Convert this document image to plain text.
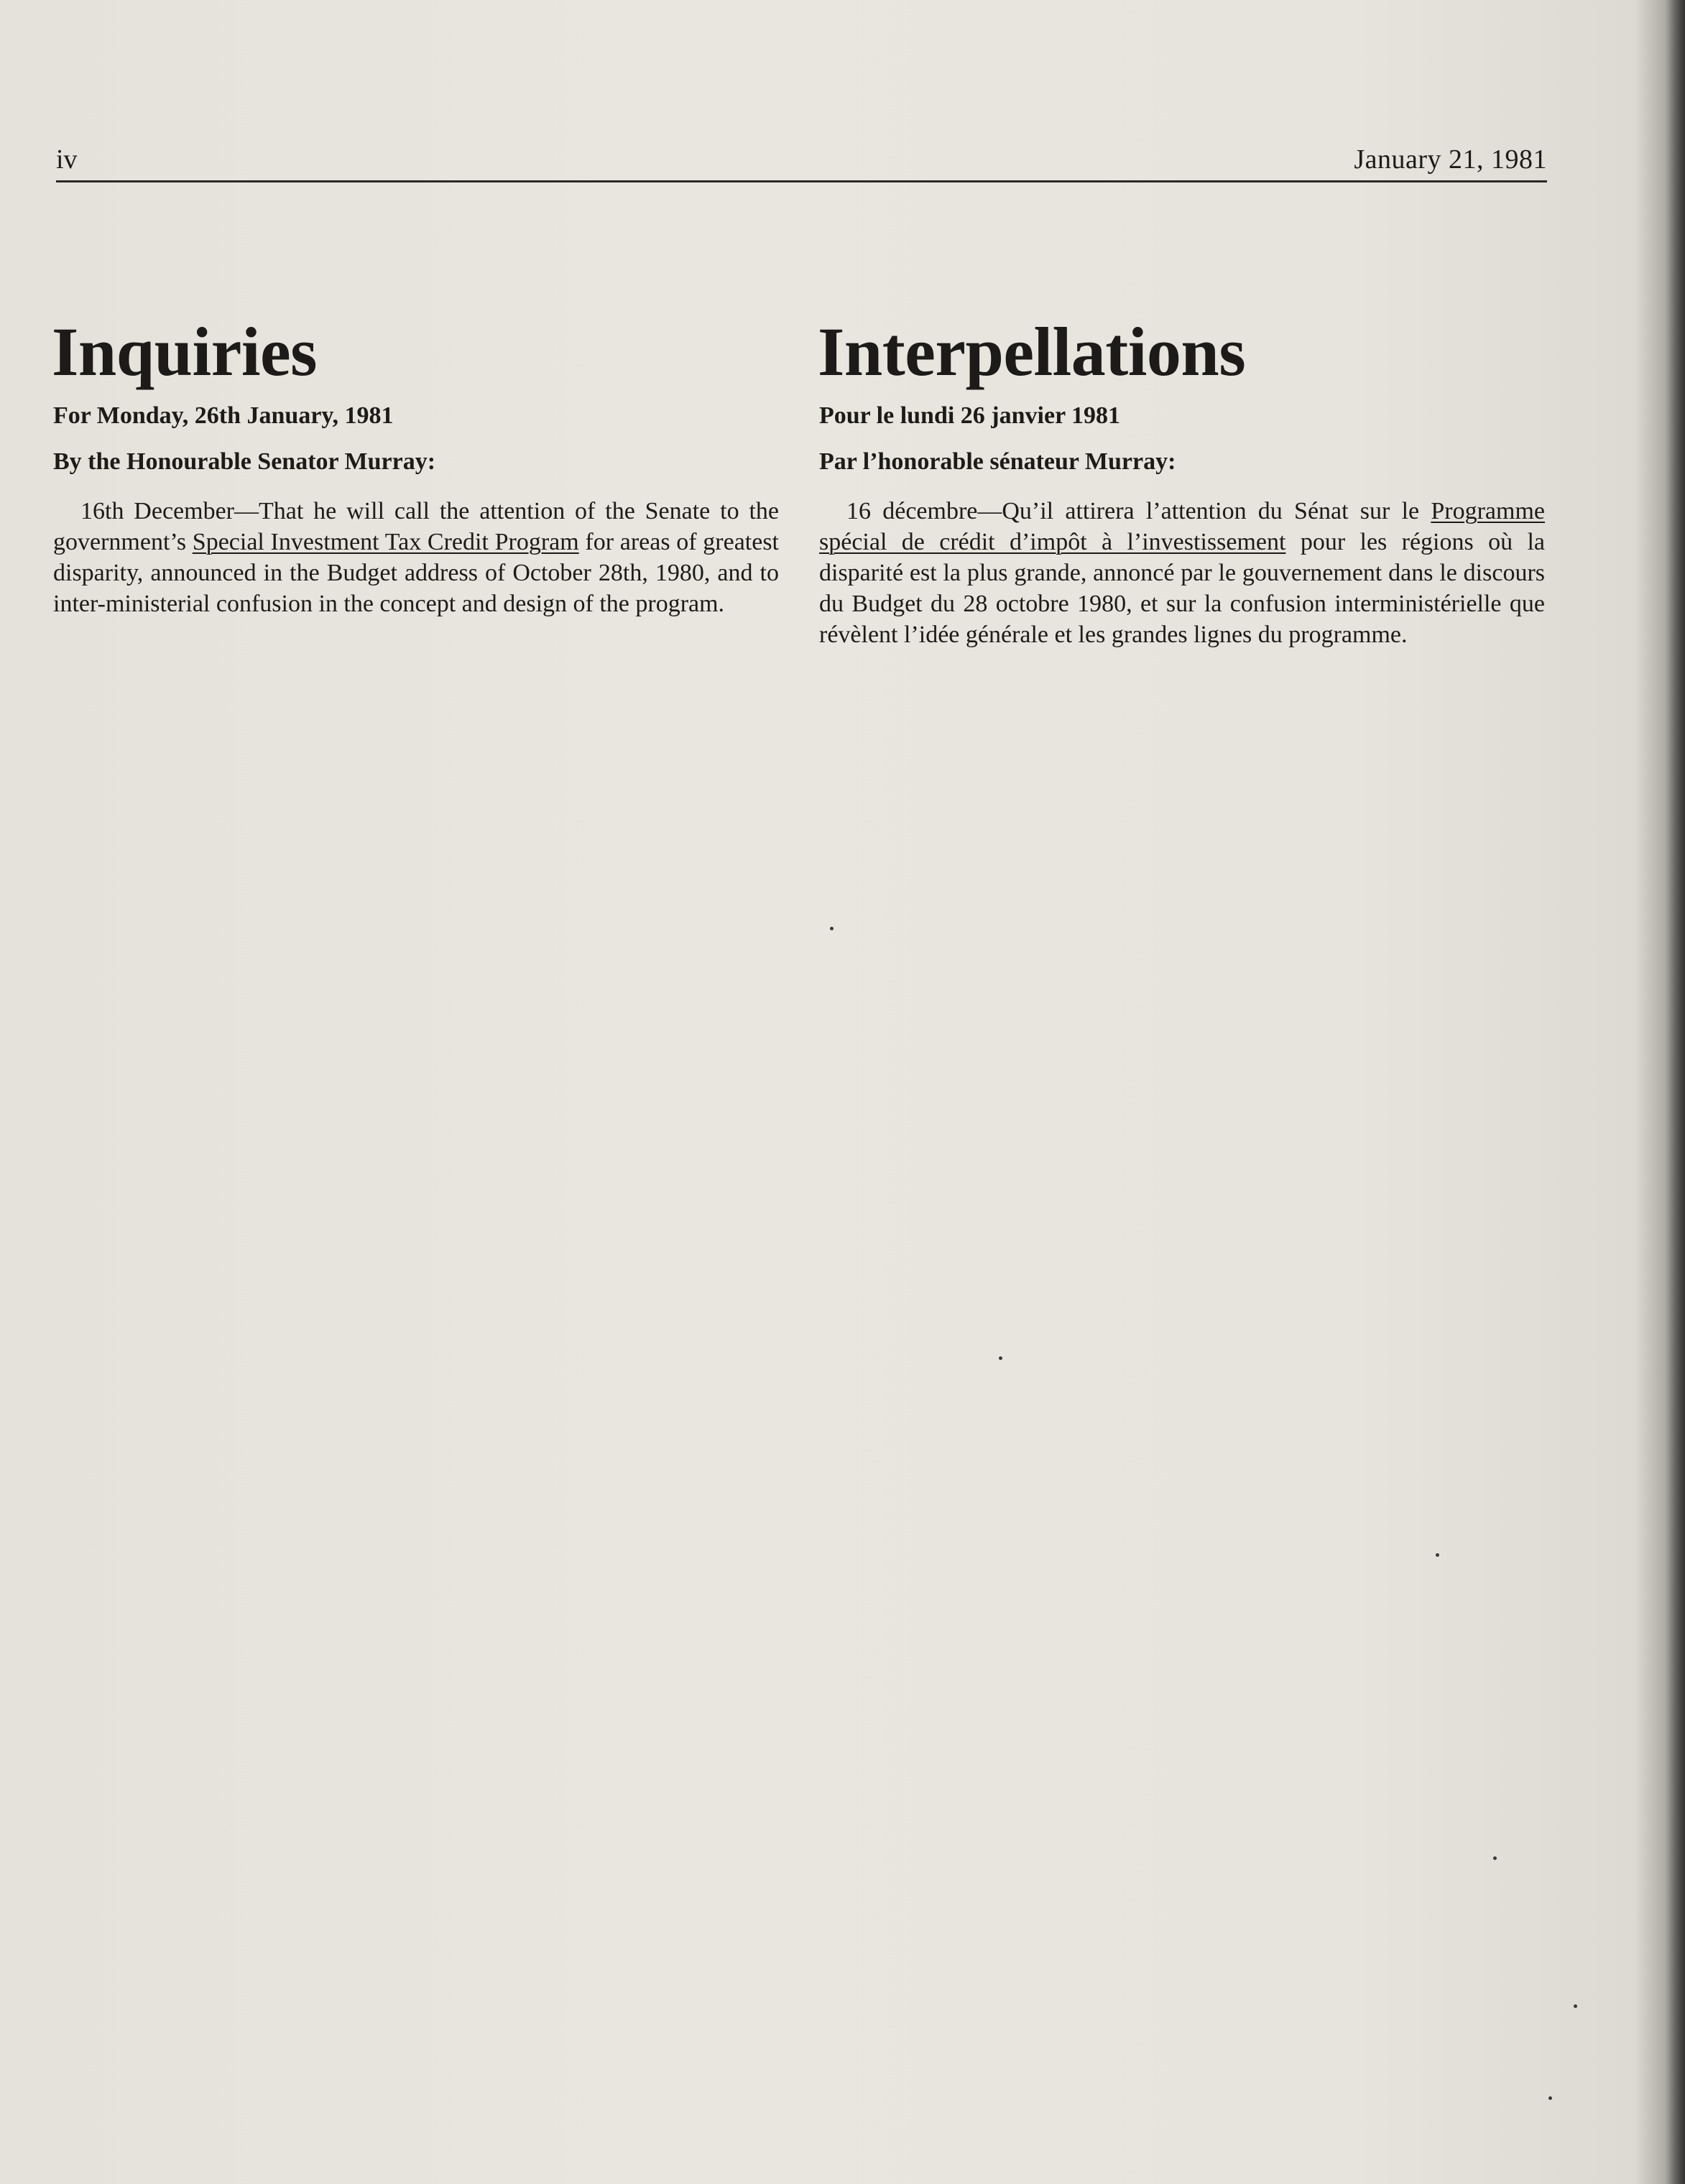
iv	January 21, 1981
Inquiries
For Monday, 26th January, 1981
By the Honourable Senator Murray:

16th December—That he will call the attention of the Senate to the government’s Special Investment Tax Credit Program for areas of greatest disparity, announced in the Budget address of October 28th, 1980, and to inter-ministerial confusion in the concept and design of the program.

Interpellations
Pour le lundi 26 janvier 1981
Par l’honorable sénateur Murray:

16 décembre—Qu’il attirera l’attention du Sénat sur le Programme spécial de crédit d’impôt à l’investissement pour les régions où la disparité est la plus grande, annoncé par le gouvernement dans le discours du Budget du 28 octobre 1980, et sur la confusion interministérielle que révèlent l’idée générale et les grandes lignes du programme.
